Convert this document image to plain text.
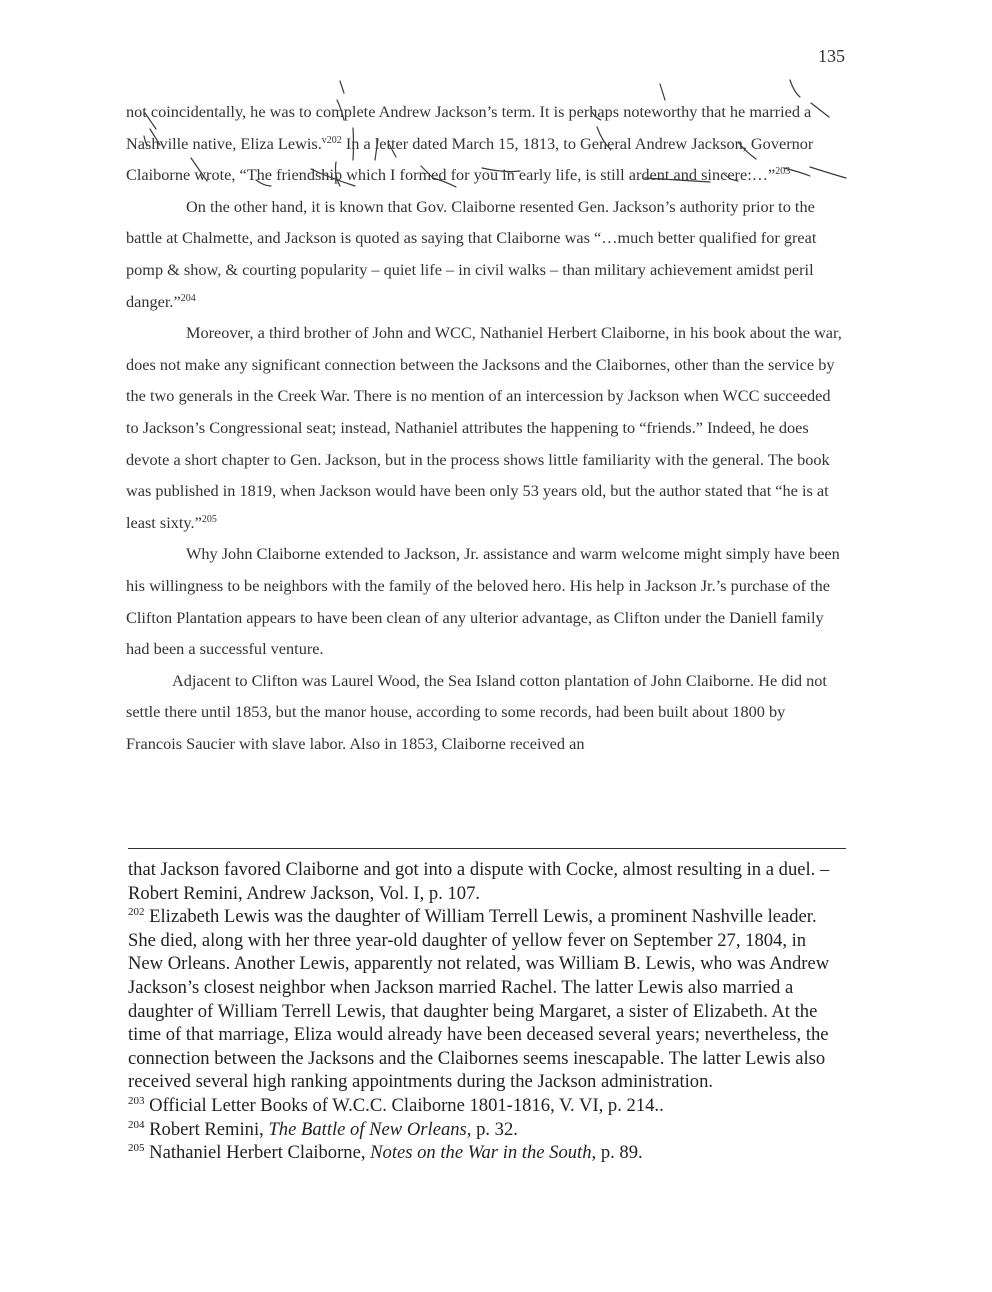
135

not coincidentally, he was to complete Andrew Jackson’s term. It is perhaps noteworthy that he married a Nashville native, Eliza Lewis.$^{v202}$ In a letter dated March 15, 1813, to General Andrew Jackson, Governor Claiborne wrote, “The friendship which I formed for you in early life, is still ardent and sincere:…”$^{203}$

On the other hand, it is known that Gov. Claiborne resented Gen. Jackson’s authority prior to the battle at Chalmette, and Jackson is quoted as saying that Claiborne was “…much better qualified for great pomp & show, & courting popularity – quiet life – in civil walks – than military achievement amidst peril danger.”$^{204}$

Moreover, a third brother of John and WCC, Nathaniel Herbert Claiborne, in his book about the war, does not make any significant connection between the Jacksons and the Claibornes, other than the service by the two generals in the Creek War. There is no mention of an intercession by Jackson when WCC succeeded to Jackson’s Congressional seat; instead, Nathaniel attributes the happening to “friends.” Indeed, he does devote a short chapter to Gen. Jackson, but in the process shows little familiarity with the general. The book was published in 1819, when Jackson would have been only 53 years old, but the author stated that “he is at least sixty.”$^{205}$

Why John Claiborne extended to Jackson, Jr. assistance and warm welcome might simply have been his willingness to be neighbors with the family of the beloved hero. His help in Jackson Jr.’s purchase of the Clifton Plantation appears to have been clean of any ulterior advantage, as Clifton under the Daniell family had been a successful venture.

Adjacent to Clifton was Laurel Wood, the Sea Island cotton plantation of John Claiborne. He did not settle there until 1853, but the manor house, according to some records, had been built about 1800 by Francois Saucier with slave labor. Also in 1853, Claiborne received an

that Jackson favored Claiborne and got into a dispute with Cocke, almost resulting in a duel. – Robert Remini, Andrew Jackson, Vol. I, p. 107.

$^{202}$ Elizabeth Lewis was the daughter of William Terrell Lewis, a prominent Nashville leader. She died, along with her three year-old daughter of yellow fever on September 27, 1804, in New Orleans. Another Lewis, apparently not related, was William B. Lewis, who was Andrew Jackson’s closest neighbor when Jackson married Rachel. The latter Lewis also married a daughter of William Terrell Lewis, that daughter being Margaret, a sister of Elizabeth. At the time of that marriage, Eliza would already have been deceased several years; nevertheless, the connection between the Jacksons and the Claibornes seems inescapable. The latter Lewis also received several high ranking appointments during the Jackson administration.

$^{203}$ Official Letter Books of W.C.C. Claiborne 1801-1816, V. VI, p. 214..

$^{204}$ Robert Remini, The Battle of New Orleans, p. 32.

$^{205}$ Nathaniel Herbert Claiborne, Notes on the War in the South, p. 89.
